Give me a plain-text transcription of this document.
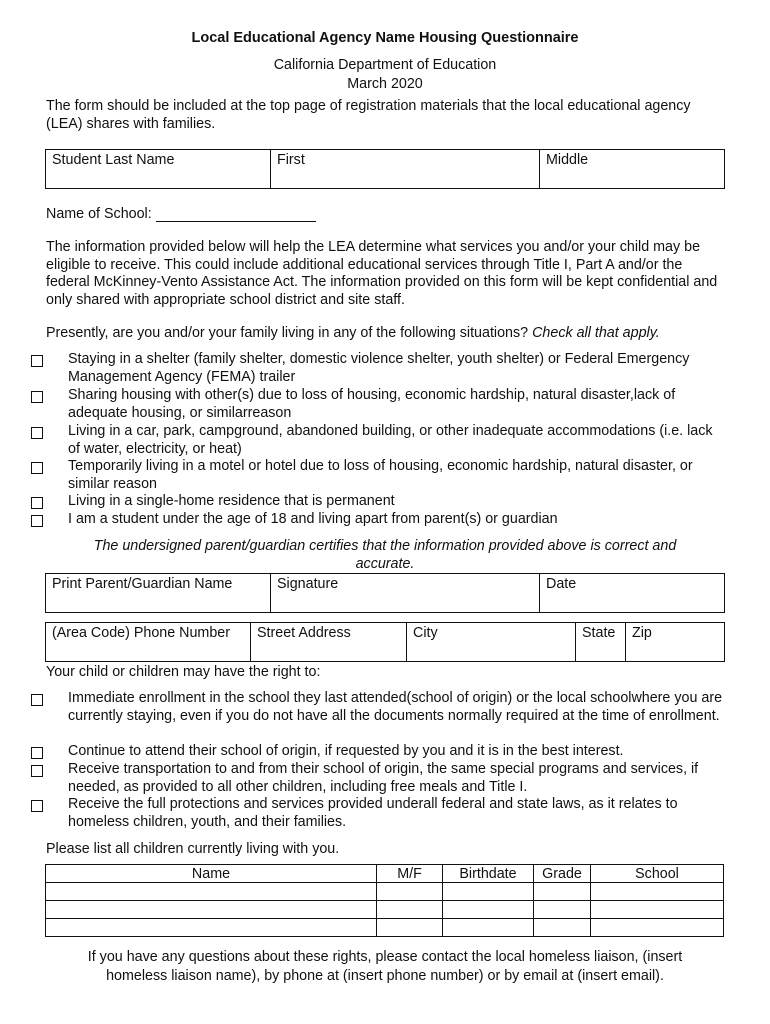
Local Educational Agency Name Housing Questionnaire
California Department of Education
March 2020
The form should be included at the top page of registration materials that the local educational agency (LEA) shares with families.
Student Last Name	First	Middle
Name of School:
The information provided below will help the LEA determine what services you and/or your child may be eligible to receive. This could include additional educational services through Title I, Part A and/or the federal McKinney-Vento Assistance Act. The information provided on this form will be kept confidential and only shared with appropriate school district and site staff.
Presently, are you and/or your family living in any of the following situations? Check all that apply.
Staying in a shelter (family shelter, domestic violence shelter, youth shelter) or Federal Emergency Management Agency (FEMA) trailer
Sharing housing with other(s) due to loss of housing, economic hardship, natural disaster,lack of adequate housing, or similarreason
Living in a car, park, campground, abandoned building, or other inadequate accommodations (i.e. lack of water, electricity, or heat)
Temporarily living in a motel or hotel due to loss of housing, economic hardship, natural disaster, or similar reason
Living in a single-home residence that is permanent
I am a student under the age of 18 and living apart from parent(s) or guardian
The undersigned parent/guardian certifies that the information provided above is correct and accurate.
Print Parent/Guardian Name	Signature	Date
(Area Code) Phone Number	Street Address	City	State	Zip
Your child or children may have the right to:
Immediate enrollment in the school they last attended(school of origin) or the local schoolwhere you are currently staying, even if you do not have all the documents normally required at the time of enrollment.
Continue to attend their school of origin, if requested by you and it is in the best interest.
Receive transportation to and from their school of origin, the same special programs and services, if needed, as provided to all other children, including free meals and Title I.
Receive the full protections and services provided underall federal and state laws, as it relates to homeless children, youth, and their families.
Please list all children currently living with you.
Name	M/F	Birthdate	Grade	School

If you have any questions about these rights, please contact the local homeless liaison, (insert homeless liaison name), by phone at (insert phone number) or by email at (insert email).
